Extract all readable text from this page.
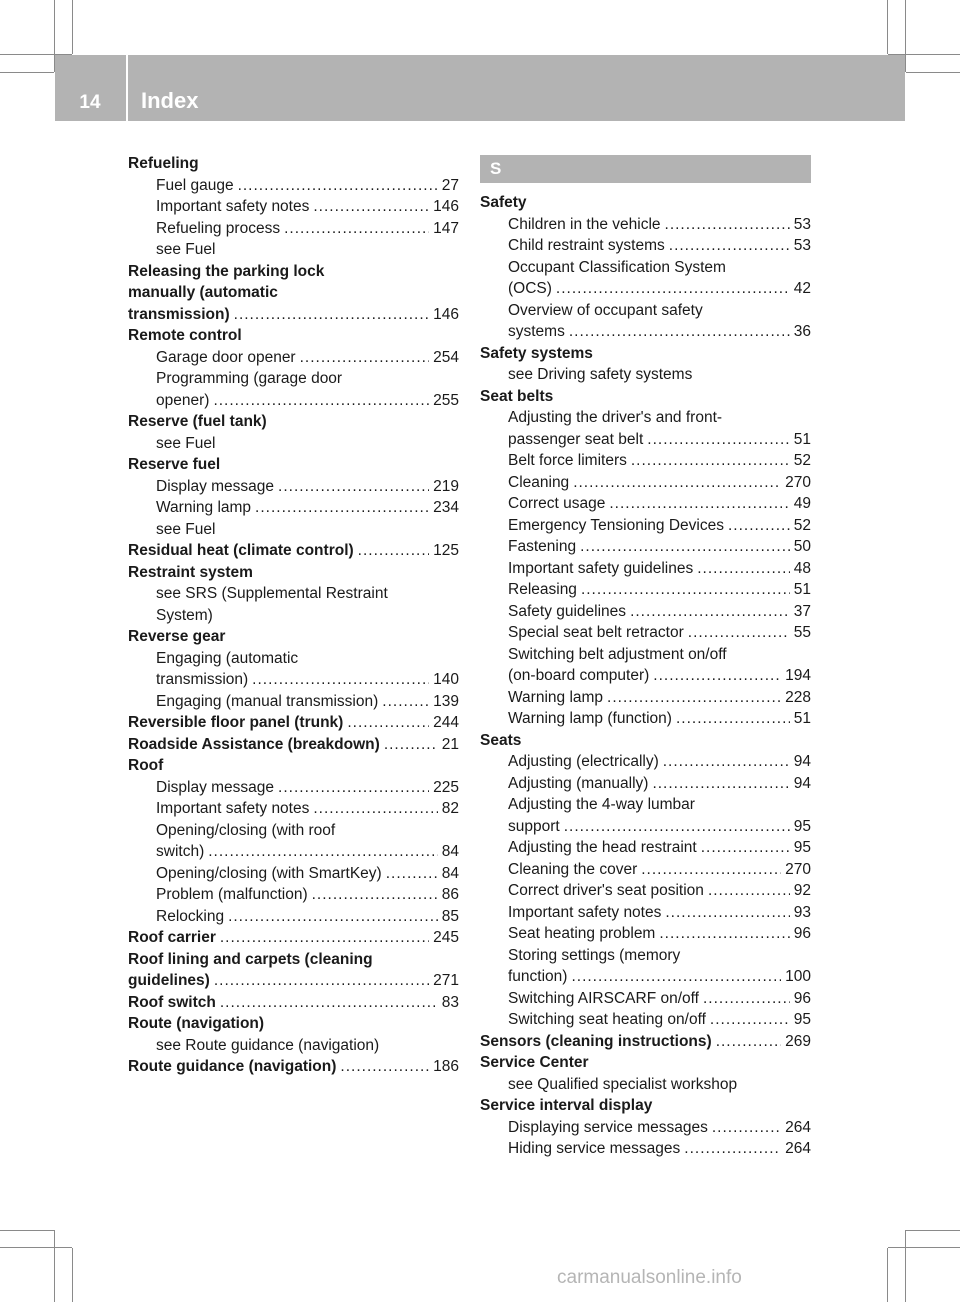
14	Index
Refueling
Fuel gauge .....	27
Important safety notes .....	146
Refueling process .....	147
see Fuel
Releasing the parking lock
manually (automatic
transmission) .....	146
Remote control
Garage door opener .....	254
Programming (garage door
opener) .....	255
Reserve (fuel tank)
see Fuel
Reserve fuel
Display message .....	219
Warning lamp .....	234
see Fuel
Residual heat (climate control) .....	125
Restraint system
see SRS (Supplemental Restraint
System)
Reverse gear
Engaging (automatic
transmission) .....	140
Engaging (manual transmission) .....	139
Reversible floor panel (trunk) .....	244
Roadside Assistance (breakdown) .....	21
Roof
Display message .....	225
Important safety notes .....	82
Opening/closing (with roof
switch) .....	84
Opening/closing (with SmartKey) .....	84
Problem (malfunction) .....	86
Relocking .....	85
Roof carrier .....	245
Roof lining and carpets (cleaning
guidelines) .....	271
Roof switch .....	83
Route (navigation)
see Route guidance (navigation)
Route guidance (navigation) .....	186
S
Safety
Children in the vehicle .....	53
Child restraint systems .....	53
Occupant Classification System
(OCS) .....	42
Overview of occupant safety
systems .....	36
Safety systems
see Driving safety systems
Seat belts
Adjusting the driver's and front-
passenger seat belt .....	51
Belt force limiters .....	52
Cleaning .....	270
Correct usage .....	49
Emergency Tensioning Devices .....	52
Fastening .....	50
Important safety guidelines .....	48
Releasing .....	51
Safety guidelines .....	37
Special seat belt retractor .....	55
Switching belt adjustment on/off
(on-board computer) .....	194
Warning lamp .....	228
Warning lamp (function) .....	51
Seats
Adjusting (electrically) .....	94
Adjusting (manually) .....	94
Adjusting the 4-way lumbar
support .....	95
Adjusting the head restraint .....	95
Cleaning the cover .....	270
Correct driver's seat position .....	92
Important safety notes .....	93
Seat heating problem .....	96
Storing settings (memory
function) .....	100
Switching AIRSCARF on/off .....	96
Switching seat heating on/off .....	95
Sensors (cleaning instructions) .....	269
Service Center
see Qualified specialist workshop
Service interval display
Displaying service messages .....	264
Hiding service messages .....	264
carmanualsonline.info
